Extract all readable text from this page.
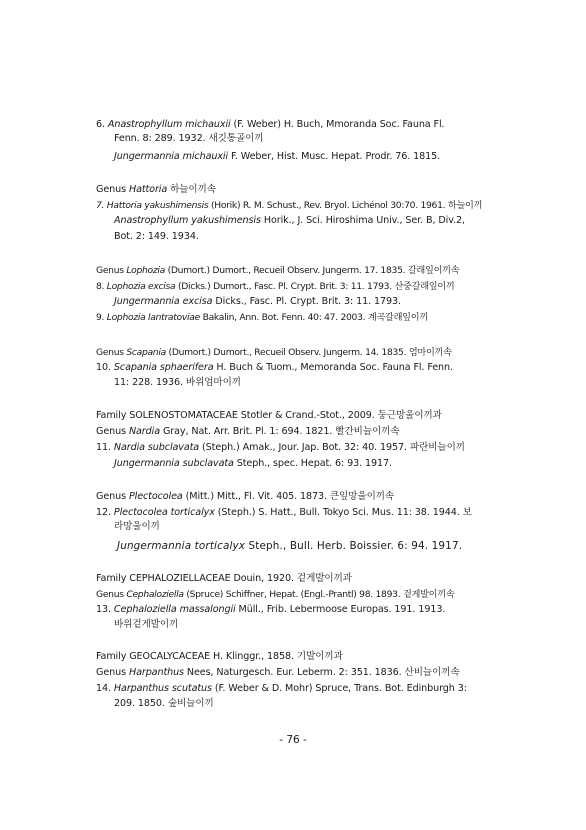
6. Anastrophyllum michauxii (F. Weber) H. Buch, Mmoranda Soc. Fauna Fl.
Fenn. 8: 289. 1932. 새깃통골이끼
Jungermannia michauxii F. Weber, Hist. Musc. Hepat. Prodr. 76. 1815.
Genus Hattoria 하늘이끼속
7. Hattoria yakushimensis (Horik) R. M. Schust., Rev. Bryol. Lichénol 30:70. 1961. 하늘이끼
Anastrophyllum yakushimensis Horik., J. Sci. Hiroshima Univ., Ser. B, Div.2,
Bot. 2: 149. 1934.
Genus Lophozia (Dumort.) Dumort., Recueil Observ. Jungerm. 17. 1835. 갈래잎이끼속
8. Lophozia excisa (Dicks.) Dumort., Fasc. Pl. Crypt. Brit. 3: 11. 1793. 산중갈래잎이끼
Jungermannia excisa Dicks., Fasc. Pl. Crypt. Brit. 3: 11. 1793.
9. Lophozia lantratoviae Bakalin, Ann. Bot. Fenn. 40: 47. 2003. 계곡갈래잎이끼
Genus Scapania (Dumort.) Dumort., Recueil Observ. Jungerm. 14. 1835. 엄마이끼속
10. Scapania sphaerifera H. Buch & Tuom., Memoranda Soc. Fauna Fl. Fenn.
11: 228. 1936. 바위엄마이끼
Family SOLENOSTOMATACEAE Stotler & Crand.-Stot., 2009. 둥근망울이끼과
Genus Nardia Gray, Nat. Arr. Brit. Pl. 1: 694. 1821. 빨간비늘이끼속
11. Nardia subclavata (Steph.) Amak., Jour. Jap. Bot. 32: 40. 1957. 파란비늘이끼
Jungermannia subclavata Steph., spec. Hepat. 6: 93. 1917.
Genus Plectocolea (Mitt.) Mitt., Fl. Vit. 405. 1873. 큰잎망울이끼속
12. Plectocolea torticalyx (Steph.) S. Hatt., Bull. Tokyo Sci. Mus. 11: 38. 1944. 보
라망울이끼
Jungermannia torticalyx Steph., Bull. Herb. Boissier. 6: 94. 1917.
Family CEPHALOZIELLACEAE Douin, 1920. 겉게발이끼과
Genus Cephaloziella (Spruce) Schiffner, Hepat. (Engl.-Prantl) 98. 1893. 겉게발이끼속
13. Cephaloziella massalongii Müll., Frib. Lebermoose Europas. 191. 1913.
바위겉게발이끼
Family GEOCALYCACEAE H. Klinggr., 1858. 기발이끼과
Genus Harpanthus Nees, Naturgesch. Eur. Leberm. 2: 351. 1836. 산비늘이끼속
14. Harpanthus scutatus (F. Weber & D. Mohr) Spruce, Trans. Bot. Edinburgh 3:
209. 1850. 숲비늘이끼
- 76 -
